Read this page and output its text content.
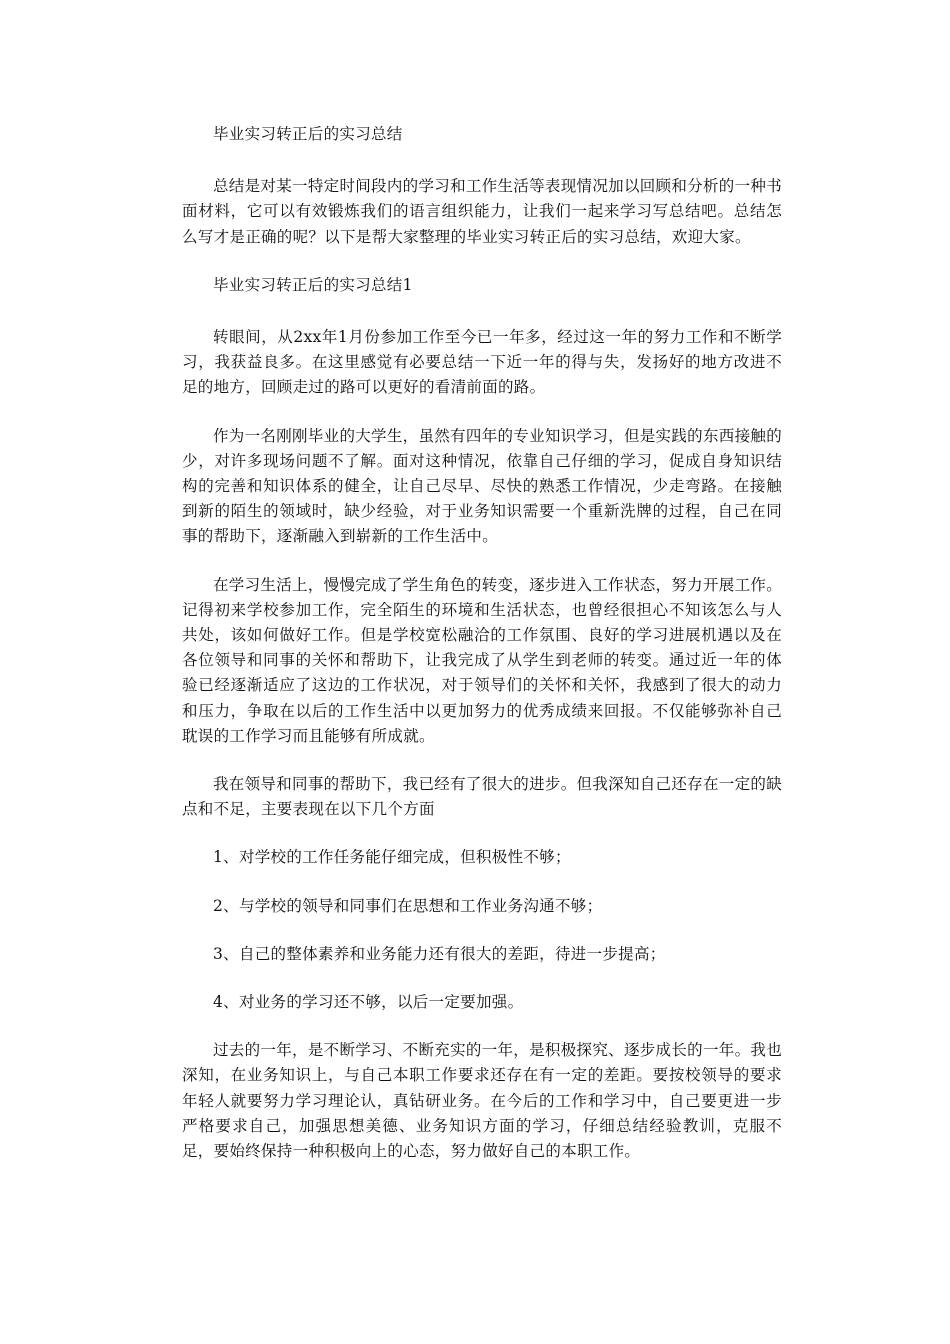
毕业实习转正后的实习总结

总结是对某一特定时间段内的学习和工作生活等表现情况加以回顾和分析的一种书面材料，它可以有效锻炼我们的语言组织能力，让我们一起来学习写总结吧。总结怎么写才是正确的呢？以下是帮大家整理的毕业实习转正后的实习总结，欢迎大家。

毕业实习转正后的实习总结1

转眼间，从2xx年1月份参加工作至今已一年多，经过这一年的努力工作和不断学习，我获益良多。在这里感觉有必要总结一下近一年的得与失，发扬好的地方改进不足的地方，回顾走过的路可以更好的看清前面的路。

作为一名刚刚毕业的大学生，虽然有四年的专业知识学习，但是实践的东西接触的少，对许多现场问题不了解。面对这种情况，依靠自己仔细的学习，促成自身知识结构的完善和知识体系的健全，让自己尽早、尽快的熟悉工作情况，少走弯路。在接触到新的陌生的领域时，缺少经验，对于业务知识需要一个重新洗牌的过程，自己在同事的帮助下，逐渐融入到崭新的工作生活中。

在学习生活上，慢慢完成了学生角色的转变，逐步进入工作状态，努力开展工作。记得初来学校参加工作，完全陌生的环境和生活状态，也曾经很担心不知该怎么与人共处，该如何做好工作。但是学校宽松融洽的工作氛围、良好的学习进展机遇以及在各位领导和同事的关怀和帮助下，让我完成了从学生到老师的转变。通过近一年的体验已经逐渐适应了这边的工作状况，对于领导们的关怀和关怀，我感到了很大的动力和压力，争取在以后的工作生活中以更加努力的优秀成绩来回报。不仅能够弥补自己耽误的工作学习而且能够有所成就。

我在领导和同事的帮助下，我已经有了很大的进步。但我深知自己还存在一定的缺点和不足，主要表现在以下几个方面

1、对学校的工作任务能仔细完成，但积极性不够；

2、与学校的领导和同事们在思想和工作业务沟通不够；

3、自己的整体素养和业务能力还有很大的差距，待进一步提高；

4、对业务的学习还不够，以后一定要加强。

过去的一年，是不断学习、不断充实的一年，是积极探究、逐步成长的一年。我也深知，在业务知识上，与自己本职工作要求还存在有一定的差距。要按校领导的要求年轻人就要努力学习理论认，真钻研业务。在今后的工作和学习中，自己要更进一步严格要求自己，加强思想美德、业务知识方面的学习，仔细总结经验教训，克服不足，要始终保持一种积极向上的心态，努力做好自己的本职工作。
